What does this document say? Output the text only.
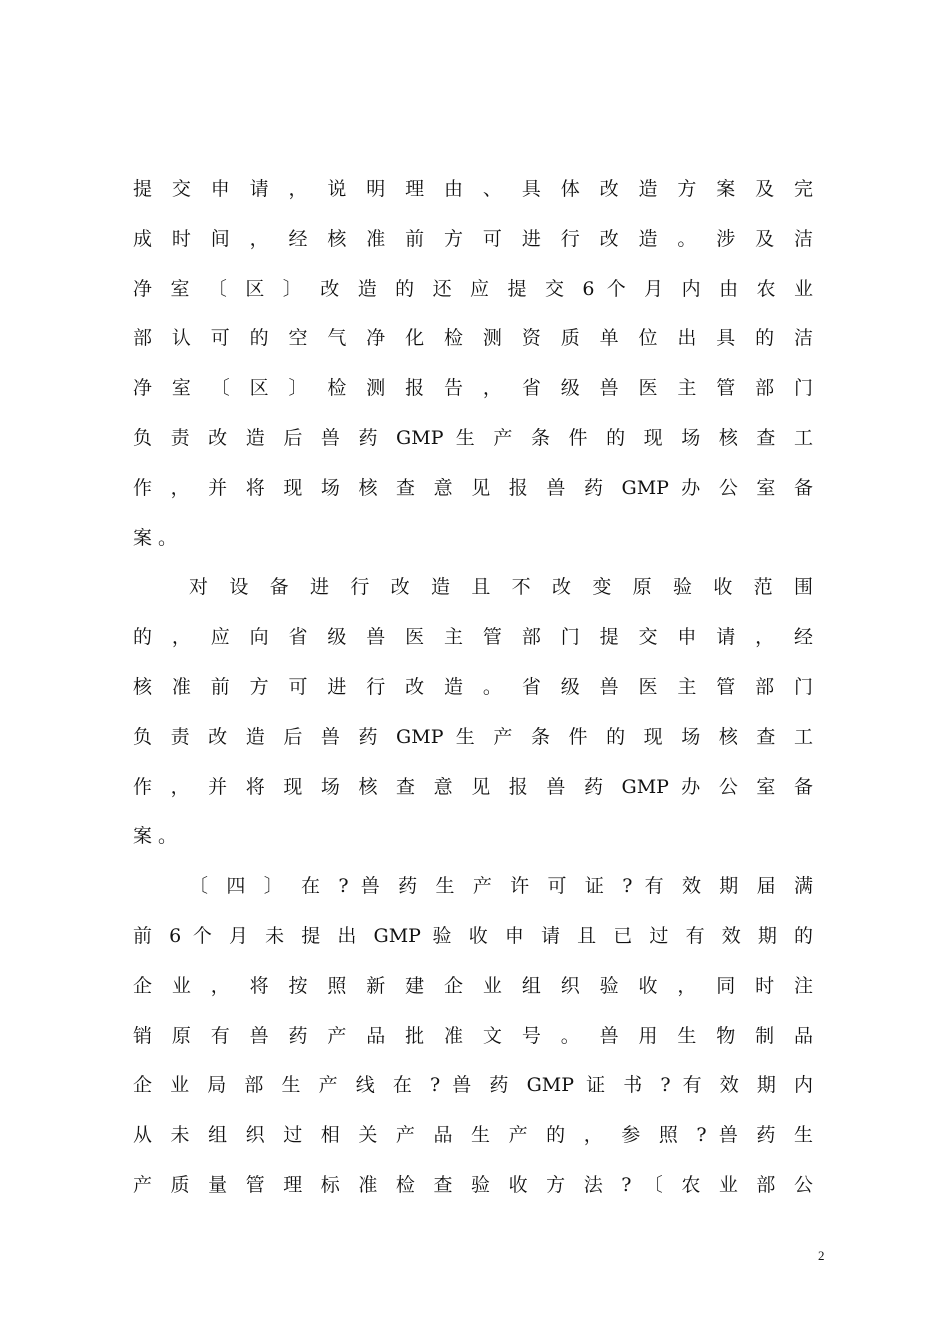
提 交 申 请 ， 说 明 理 由 、 具 体 改 造 方 案 及 完
成 时 间 ， 经 核 准 前 方 可 进 行 改 造 。 涉 及 洁
净 室 〔 区 〕 改 造 的 还 应 提 交 6 个 月 内 由 农 业
部 认 可 的 空 气 净 化 检 测 资 质 单 位 出 具 的 洁
净 室 〔 区 〕 检 测 报 告 ， 省 级 兽 医 主 管 部 门
负 责 改 造 后 兽 药 GMP 生 产 条 件 的 现 场 核 查 工
作 ， 并 将 现 场 核 查 意 见 报 兽 药 GMP 办 公 室 备
案 。
对 设 备 进 行 改 造 且 不 改 变 原 验 收 范 围
的 ， 应 向 省 级 兽 医 主 管 部 门 提 交 申 请 ， 经
核 准 前 方 可 进 行 改 造 。 省 级 兽 医 主 管 部 门
负 责 改 造 后 兽 药 GMP 生 产 条 件 的 现 场 核 查 工
作 ， 并 将 现 场 核 查 意 见 报 兽 药 GMP 办 公 室 备
案 。
〔 四 〕 在 ? 兽 药 生 产 许 可 证 ? 有 效 期 届 满
前 6 个 月 未 提 出 GMP 验 收 申 请 且 已 过 有 效 期 的
企 业 ， 将 按 照 新 建 企 业 组 织 验 收 ， 同 时 注
销 原 有 兽 药 产 品 批 准 文 号 。 兽 用 生 物 制 品
企 业 局 部 生 产 线 在 ? 兽 药 GMP 证 书 ? 有 效 期 内
从 未 组 织 过 相 关 产 品 生 产 的 ， 参 照 ? 兽 药 生
产 质 量 管 理 标 准 检 查 验 收 方 法 ? 〔 农 业 部 公
2
